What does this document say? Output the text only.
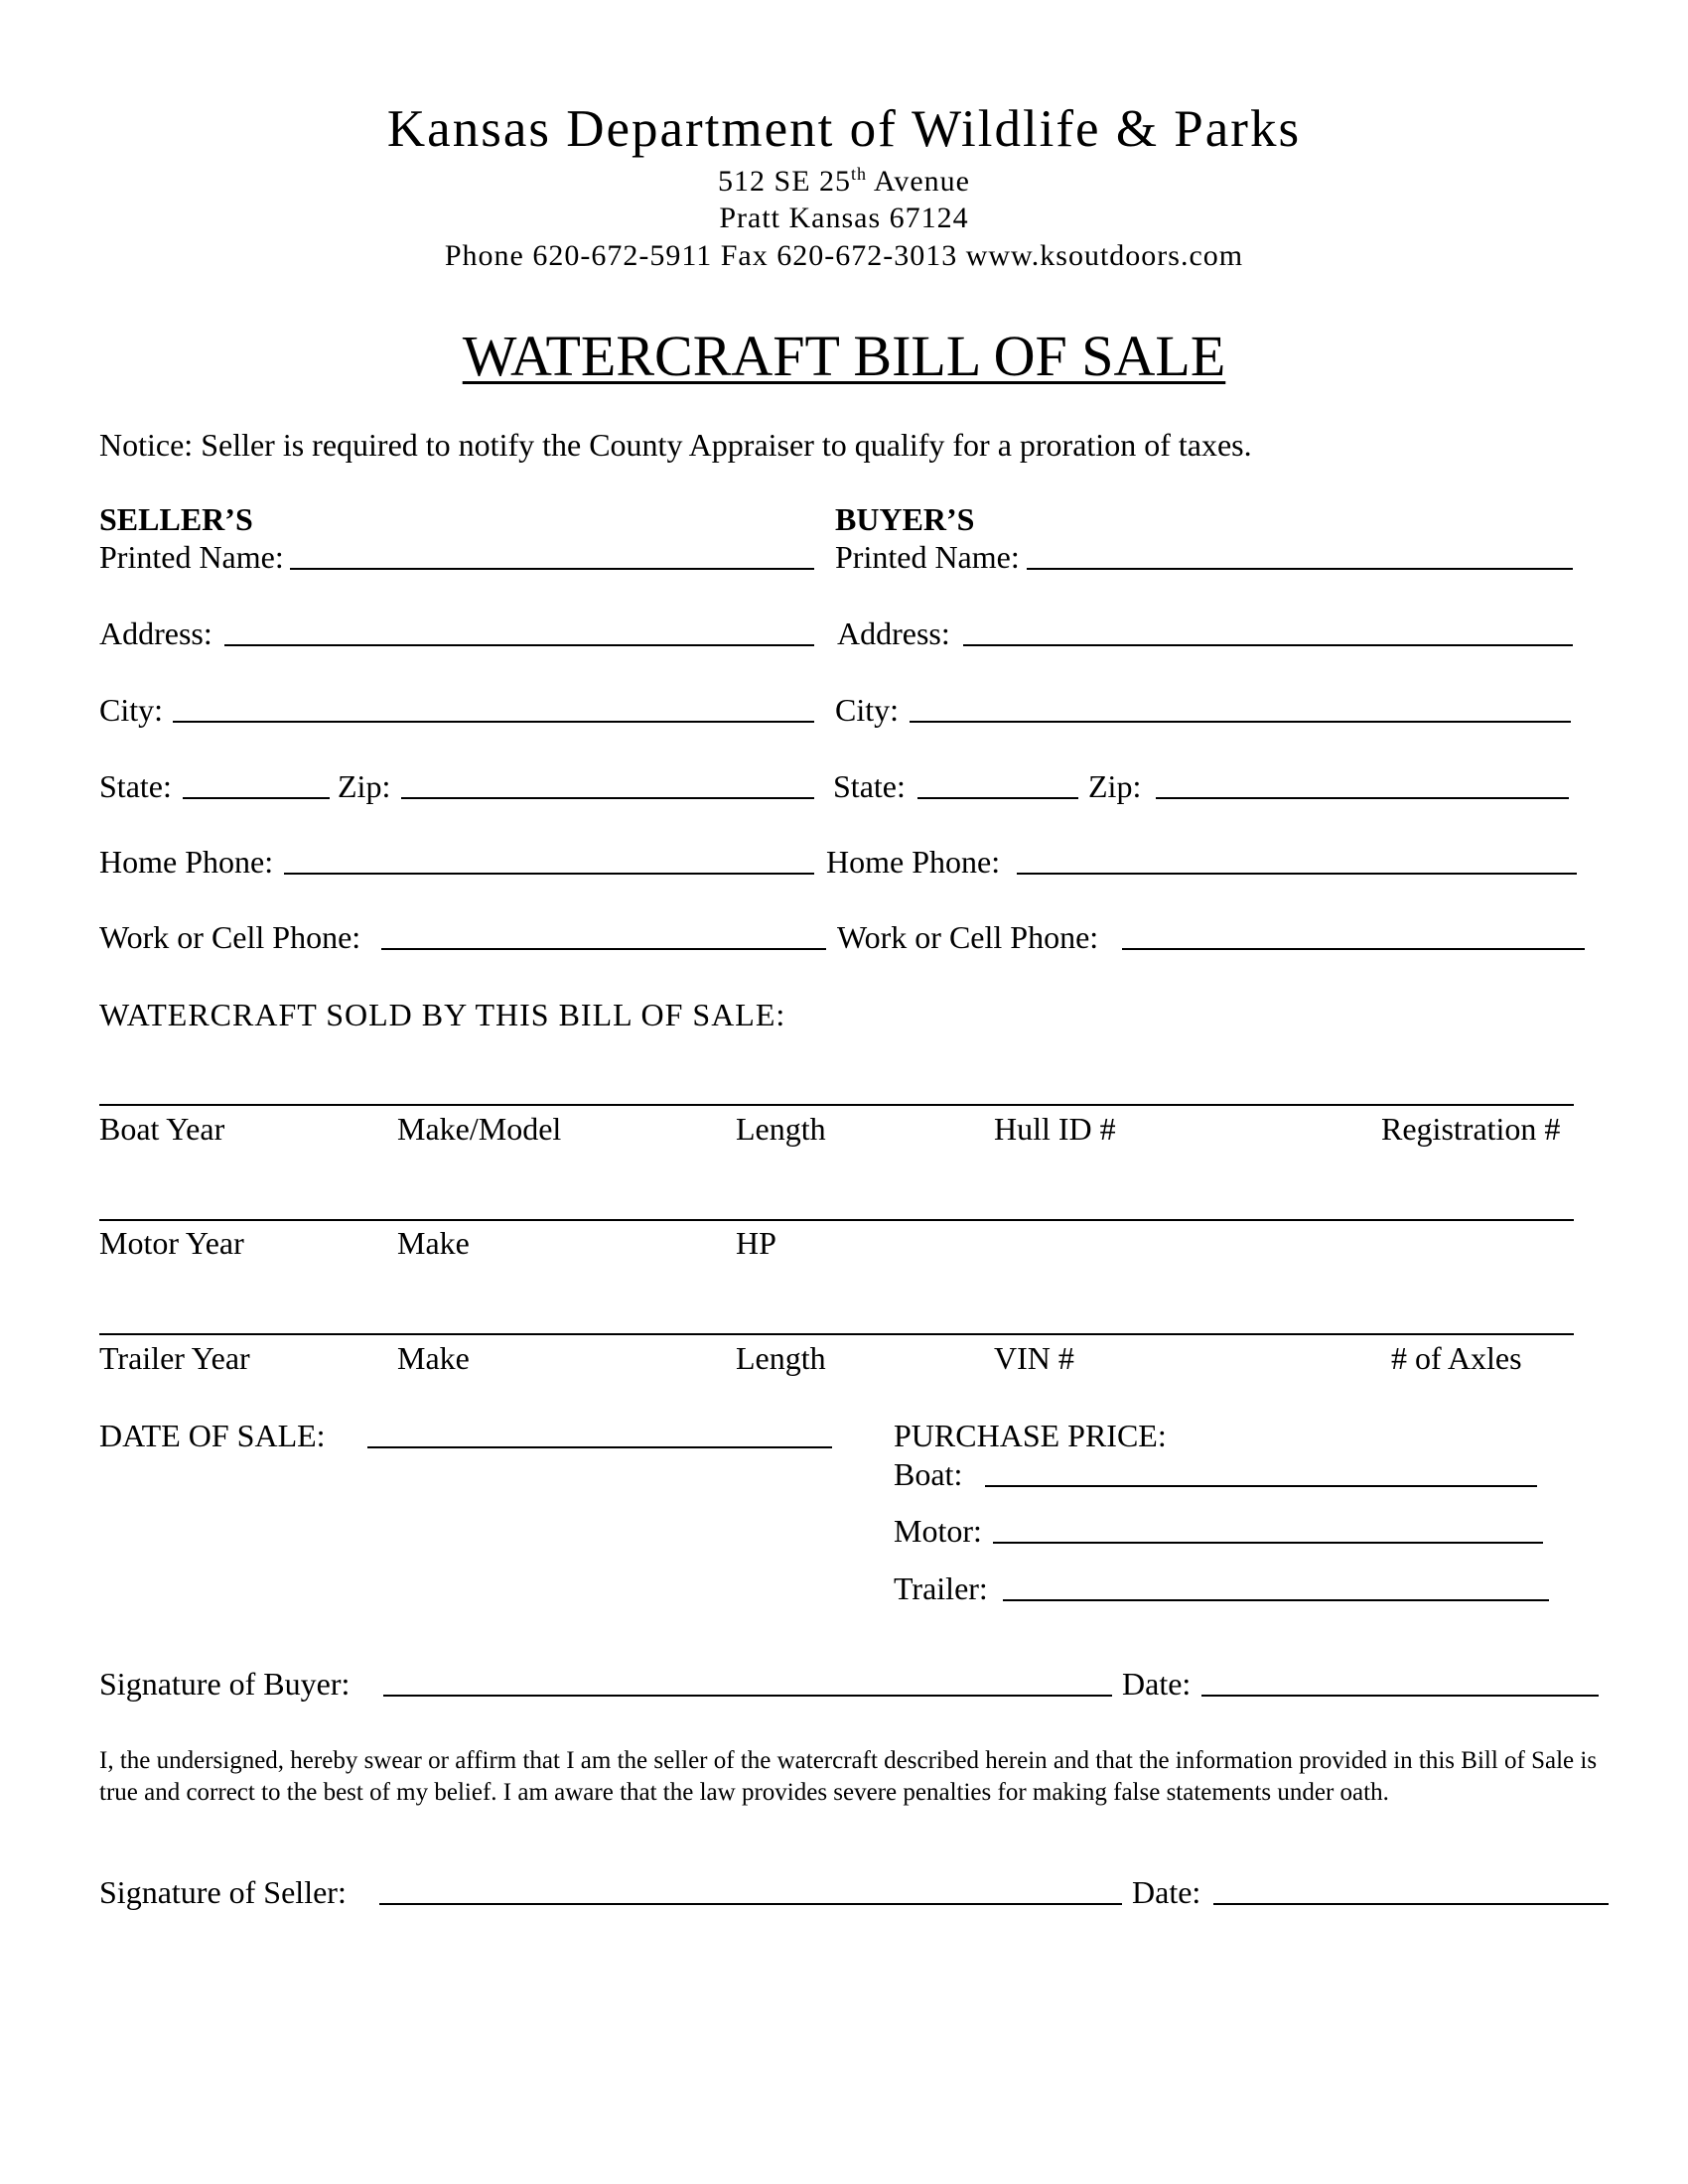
Kansas Department of Wildlife & Parks
512 SE 25th Avenue
Pratt Kansas 67124
Phone 620-672-5911 Fax 620-672-3013 www.ksoutdoors.com
WATERCRAFT BILL OF SALE
Notice: Seller is required to notify the County Appraiser to qualify for a proration of taxes.
SELLER’S
Printed Name:
Address:
City:
State:	Zip:
Home Phone:
Work or Cell Phone:
BUYER’S
Printed Name:
Address:
City:
State:	Zip:
Home Phone:
Work or Cell Phone:
WATERCRAFT SOLD BY THIS BILL OF SALE:
Boat Year	Make/Model	Length	Hull ID #	Registration #
Motor Year	Make	HP
Trailer Year	Make	Length	VIN #	# of Axles
DATE OF SALE:	PURCHASE PRICE:
Boat:
Motor:
Trailer:
Signature of Buyer:	Date:
I, the undersigned, hereby swear or affirm that I am the seller of the watercraft described herein and that the information provided in this Bill of Sale is true and correct to the best of my belief. I am aware that the law provides severe penalties for making false statements under oath.
Signature of Seller:	Date:
